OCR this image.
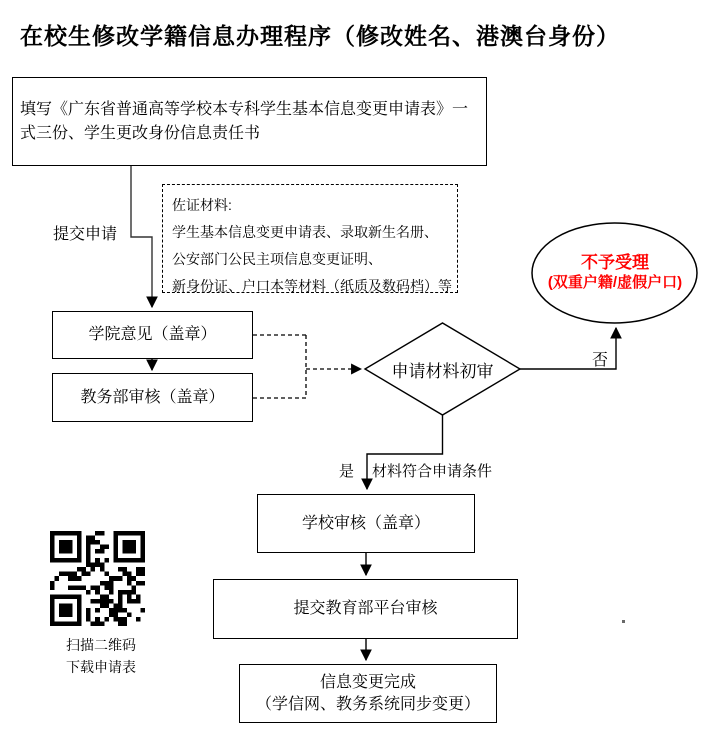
在校生修改学籍信息办理程序（修改姓名、港澳台身份）
填写《广东省普通高等学校本专科学生基本信息变更申请表》一式三份、学生更改身份信息责任书
提交申请
佐证材料:
学生基本信息变更申请表、录取新生名册、
公安部门公民主项信息变更证明、
新身份证、户口本等材料（纸质及数码档）等
学院意见（盖章）
教务部审核（盖章）
申请材料初审
不予受理
(双重户籍/虚假户口)
否
是 材料符合申请条件
学校审核（盖章）
提交教育部平台审核
信息变更完成
（学信网、教务系统同步变更）
扫描二维码
下载申请表
